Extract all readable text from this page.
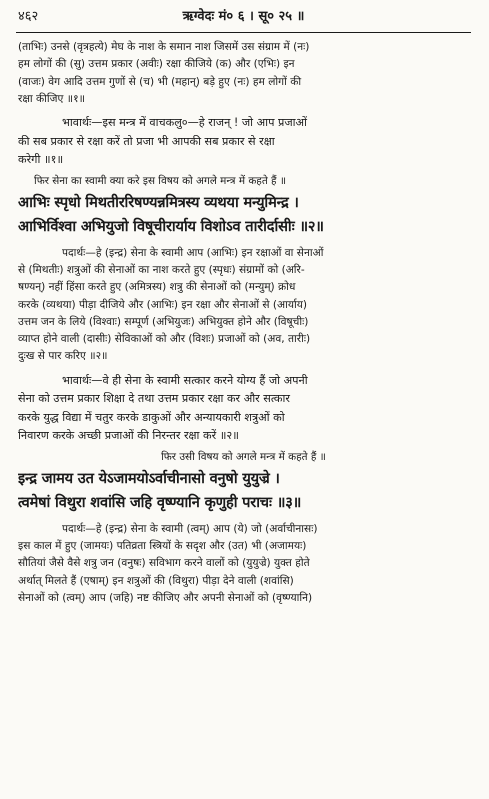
४६२	ऋग्वेदः मं० ६ । सू० २५ ॥

(ताभिः) उनसे (वृत्रहत्ये) मेघ के नाश के समान नाश जिसमें उस संग्राम में (नः)

हम लोगों की (सु) उत्तम प्रकार (अवीः) रक्षा कीजिये (क) और (एभिः) इन

(वाजः) वेग आदि उत्तम गुणों से (च) भी (महान्) बड़े हुए (नः) हम लोगों की

रक्षा कीजिए ॥१॥

भावार्थः—इस मन्त्र में वाचकलु०—हे राजन् ! जो आप प्रजाओं

की सब प्रकार से रक्षा करें तो प्रजा भी आपकी सब प्रकार से रक्षा

करेगी ॥१॥

फिर सेना का स्वामी क्या करे इस विषय को अगले मन्त्र में कहते हैं ॥

आभिः स्पृधो मिथतीररिषण्यन्नमित्रस्य व्यथया मन्युमिन्द्र ।

आभिर्विश्वा अभियुजो विषूचीरार्याय विशोऽव तारीर्दासीः ॥२॥

पदार्थः—हे (इन्द्र) सेना के स्वामी आप (आभिः) इन रक्षाओं वा सेनाओं

से (मिथतीः) शत्रुओं की सेनाओं का नाश करते हुए (स्पृधः) संग्रामों को (अरि-

षण्यन्) नहीं हिंसा करते हुए (अमित्रस्य) शत्रु की सेनाओं को (मन्युम्) क्रोध

करके (व्यथया) पीड़ा दीजिये और (आभिः) इन रक्षा और सेनाओं से (आर्याय)

उत्तम जन के लिये (विश्वाः) सम्पूर्ण (अभियुजः) अभियुक्त होने और (विषूचीः)

व्याप्त होने वाली (दासीः) सेविकाओं को और (विशः) प्रजाओं को (अव, तारीः)

दुःख से पार करिए ॥२॥

भावार्थः—वे ही सेना के स्वामी सत्कार करने योग्य हैं जो अपनी

सेना को उत्तम प्रकार शिक्षा दे तथा उत्तम प्रकार रक्षा कर और सत्कार

करके युद्ध विद्या में चतुर करके डाकुओं और अन्यायकारी शत्रुओं को

निवारण करके अच्छी प्रजाओं की निरन्तर रक्षा करें ॥२॥

फिर उसी विषय को अगले मन्त्र में कहते हैं ॥

इन्द्र जामय उत येऽजामयोऽर्वाचीनासो वनुषो युयुज्रे ।

त्वमेषां विथुरा शवांसि जहि वृष्ण्यानि कृणुही पराचः ॥३॥

पदार्थः—हे (इन्द्र) सेना के स्वामी (त्वम्) आप (ये) जो (अर्वाचीनासः)

इस काल में हुए (जामयः) पतिव्रता स्त्रियों के सदृश और (उत) भी (अजामयः)

सौतियां जैसे वैसे शत्रु जन (वनुषः) सविभाग करने वालों को (युयुज्रे) युक्त होते

अर्थात् मिलते हैं (एषाम्) इन शत्रुओं की (विथुरा) पीड़ा देने वाली (शवांसि)

सेनाओं को (त्वम्) आप (जहि) नष्ट कीजिए और अपनी सेनाओं को (वृष्ण्यानि)
